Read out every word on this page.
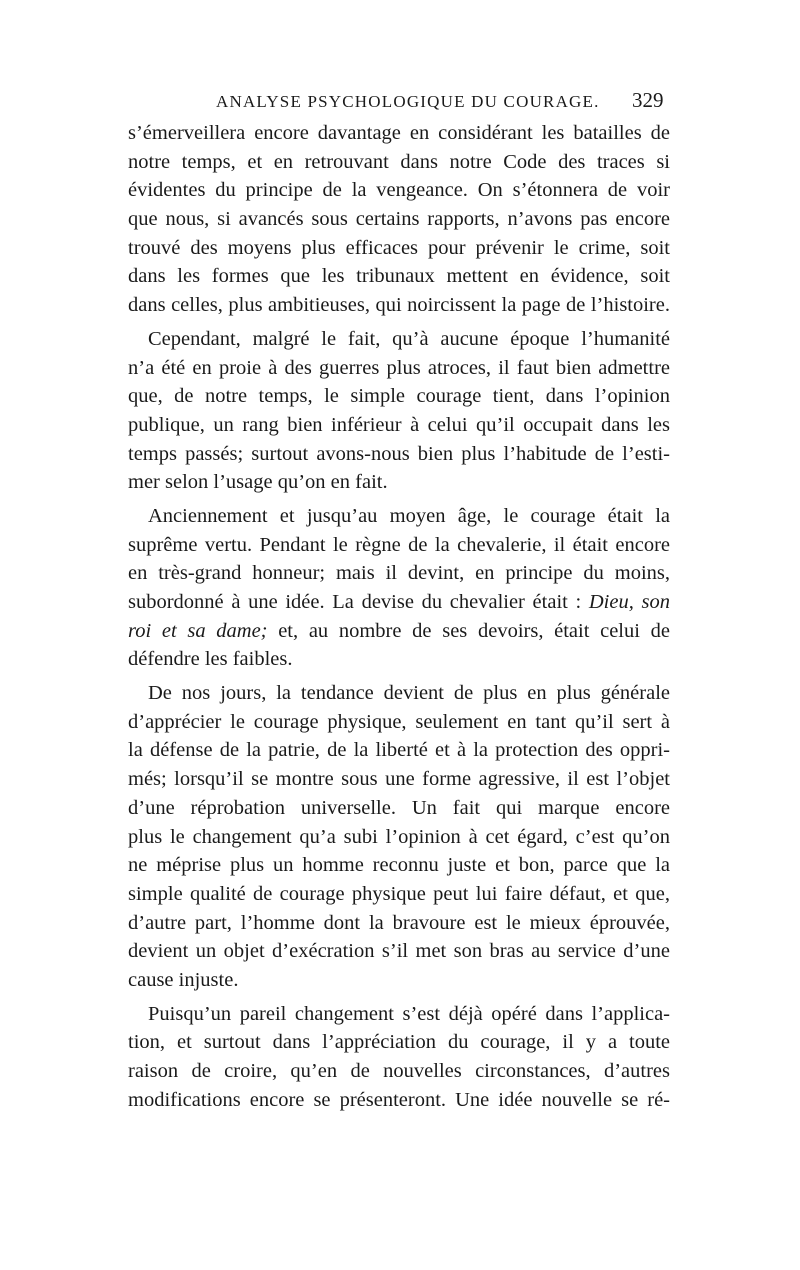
ANALYSE PSYCHOLOGIQUE DU COURAGE. 329
s’émerveillera encore davantage en considérant les batailles de
notre temps, et en retrouvant dans notre Code des traces si
évidentes du principe de la vengeance. On s’étonnera de voir
que nous, si avancés sous certains rapports, n’avons pas encore
trouvé des moyens plus efficaces pour prévenir le crime, soit
dans les formes que les tribunaux mettent en évidence, soit
dans celles, plus ambitieuses, qui noircissent la page de l’histoire.
Cependant, malgré le fait, qu’à aucune époque l’humanité
n’a été en proie à des guerres plus atroces, il faut bien admettre
que, de notre temps, le simple courage tient, dans l’opinion
publique, un rang bien inférieur à celui qu’il occupait dans les
temps passés; surtout avons-nous bien plus l’habitude de l’esti-
mer selon l’usage qu’on en fait.
Anciennement et jusqu’au moyen âge, le courage était la
suprême vertu. Pendant le règne de la chevalerie, il était encore
en très-grand honneur; mais il devint, en principe du moins,
subordonné à une idée. La devise du chevalier était : Dieu, son
roi et sa dame; et, au nombre de ses devoirs, était celui de
défendre les faibles.
De nos jours, la tendance devient de plus en plus générale
d’apprécier le courage physique, seulement en tant qu’il sert à
la défense de la patrie, de la liberté et à la protection des oppri-
més; lorsqu’il se montre sous une forme agressive, il est l’objet
d’une réprobation universelle. Un fait qui marque encore
plus le changement qu’a subi l’opinion à cet égard, c’est qu’on
ne méprise plus un homme reconnu juste et bon, parce que la
simple qualité de courage physique peut lui faire défaut, et que,
d’autre part, l’homme dont la bravoure est le mieux éprouvée,
devient un objet d’exécration s’il met son bras au service d’une
cause injuste.
Puisqu’un pareil changement s’est déjà opéré dans l’applica-
tion, et surtout dans l’appréciation du courage, il y a toute
raison de croire, qu’en de nouvelles circonstances, d’autres
modifications encore se présenteront. Une idée nouvelle se ré-
